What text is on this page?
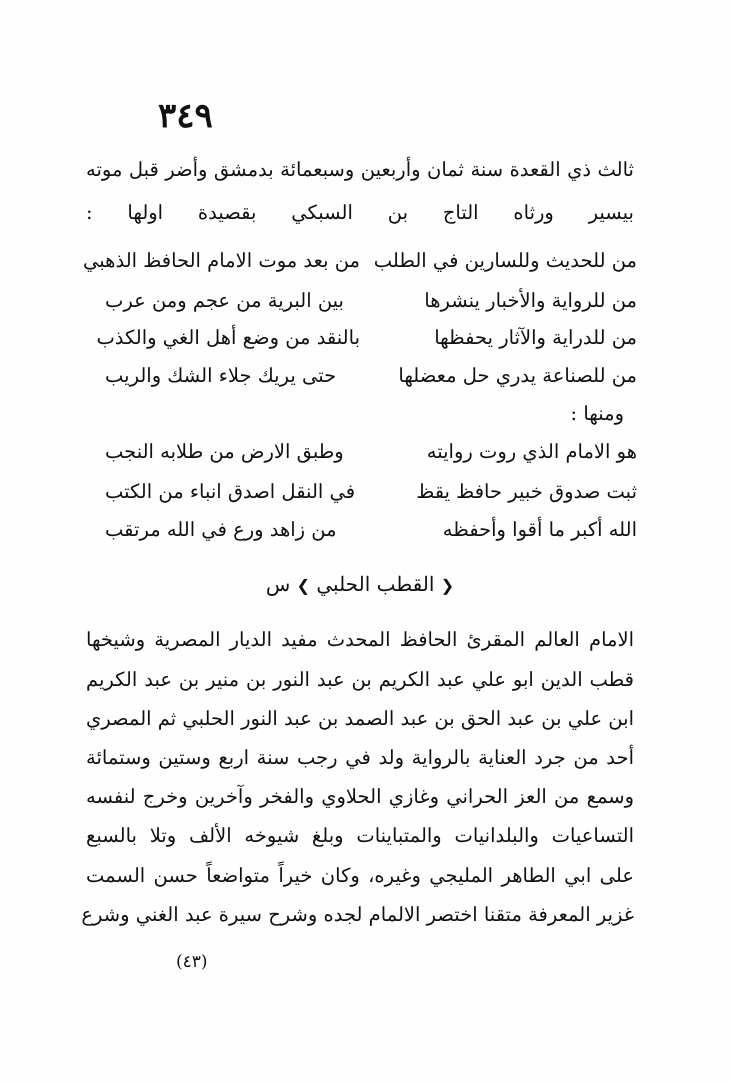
٣٤٩
ثالث ذي القعدة سنة ثمان وأربعين وسبعمائة بدمشق وأضر قبل موته
بيسير ورثاه التاج بن السبكي بقصيدة اولها :
من للحديث وللسارين في الطلب
من بعد موت الامام الحافظ الذهبي
من للرواية والأخبار ينشرها
بين البرية من عجم ومن عرب
من للدراية والآثار يحفظها
بالنقد من وضع أهل الغي والكذب
من للصناعة يدري حل معضلها
حتى يريك جلاء الشك والريب
ومنها :
هو الامام الذي روت روايته
وطبق الارض من طلابه النجب
ثبت صدوق خبير حافظ يقظ
في النقل اصدق انباء من الكتب
الله أكبر ما أقوا وأحفظه
من زاهد ورع في الله مرتقب
❮ القطب الحلبي ❯ س
الامام العالم المقرئ الحافظ المحدث مفيد الديار المصرية وشيخها
قطب الدين ابو علي عبد الكريم بن عبد النور بن منير بن عبد الكريم
ابن علي بن عبد الحق بن عبد الصمد بن عبد النور الحلبي ثم المصري
أحد من جرد العناية بالرواية ولد في رجب سنة اربع وستين وستمائة
وسمع من العز الحراني وغازي الحلاوي والفخر وآخرين وخرج لنفسه
التساعيات والبلدانيات والمتباينات وبلغ شيوخه الألف وتلا بالسبع
على ابي الطاهر المليجي وغيره، وكان خيراً متواضعاً حسن السمت
غزير المعرفة متقنا اختصر الالمام لجده وشرح سيرة عبد الغني وشرع
(٤٣)
